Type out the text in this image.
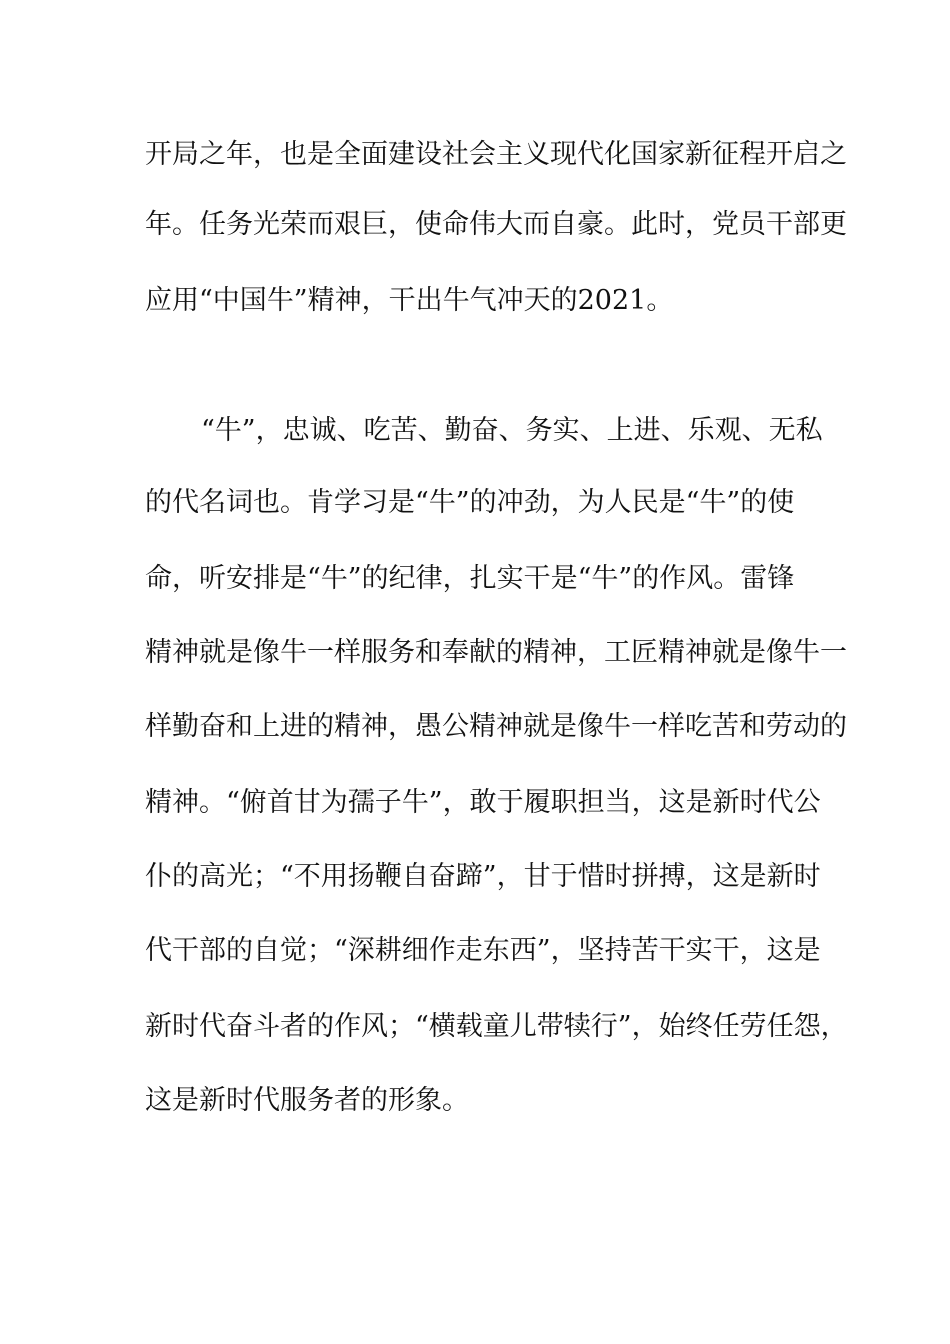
开局之年，也是全面建设社会主义现代化国家新征程开启之
年。任务光荣而艰巨，使命伟大而自豪。此时，党员干部更
应用“中国牛”精神，干出牛气冲天的2021。
“牛”，忠诚、吃苦、勤奋、务实、上进、乐观、无私
的代名词也。肯学习是“牛”的冲劲，为人民是“牛”的使
命，听安排是“牛”的纪律，扎实干是“牛”的作风。雷锋
精神就是像牛一样服务和奉献的精神，工匠精神就是像牛一
样勤奋和上进的精神，愚公精神就是像牛一样吃苦和劳动的
精神。“俯首甘为孺子牛”，敢于履职担当，这是新时代公
仆的高光；“不用扬鞭自奋蹄”，甘于惜时拼搏，这是新时
代干部的自觉；“深耕细作走东西”，坚持苦干实干，这是
新时代奋斗者的作风；“横载童儿带犊行”，始终任劳任怨，
这是新时代服务者的形象。
